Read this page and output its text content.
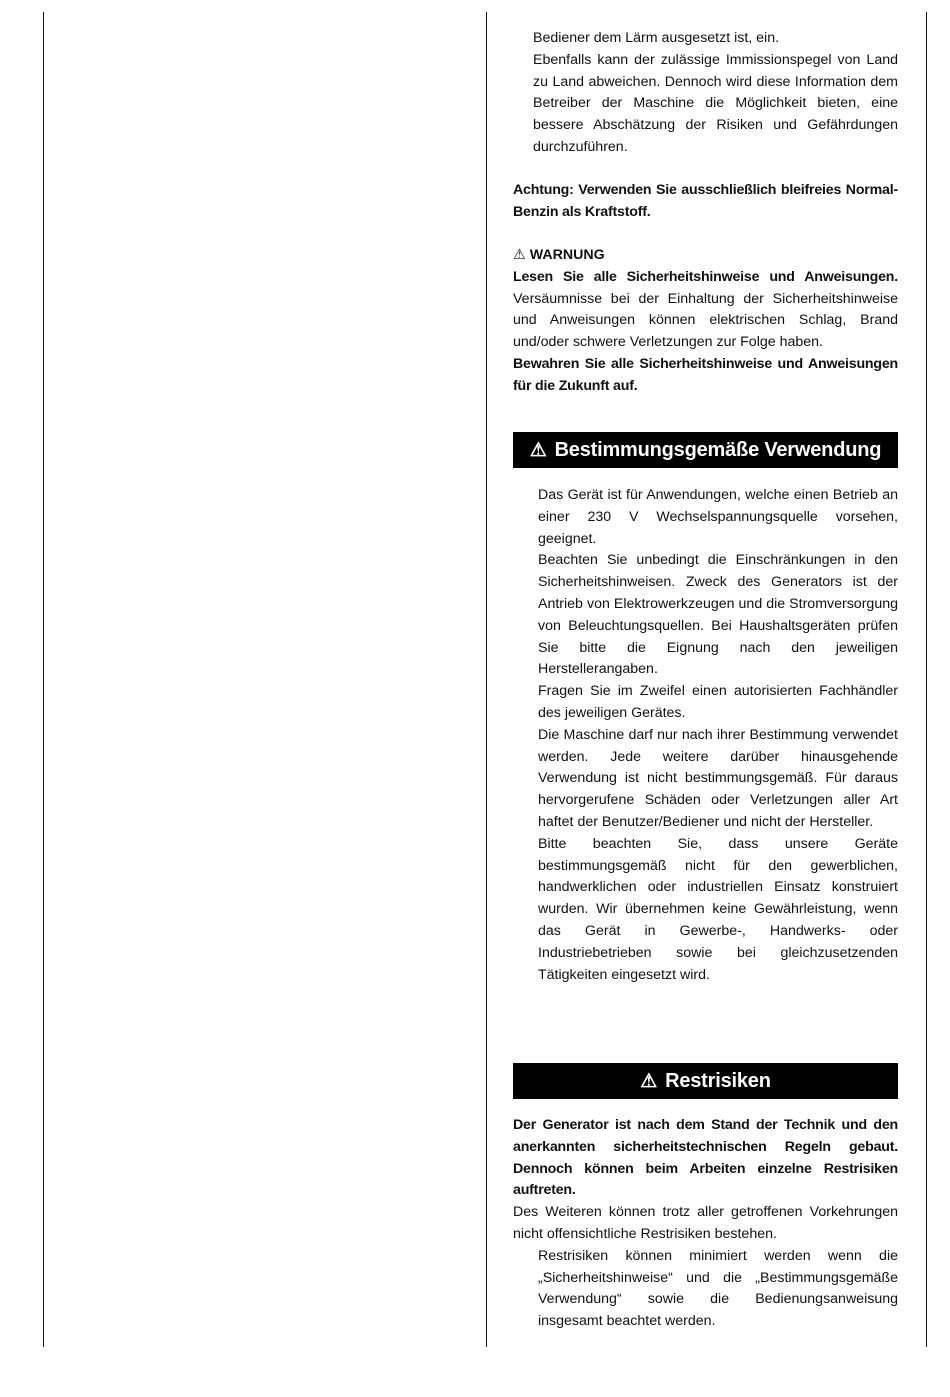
Bediener dem Lärm ausgesetzt ist, ein.

Ebenfalls kann der zulässige Immissionspegel von Land zu Land abweichen. Dennoch wird diese Information dem Betreiber der Maschine die Möglichkeit bieten, eine bessere Abschätzung der Risiken und Gefährdungen durchzuführen.

Achtung: Verwenden Sie ausschließlich bleifreies Normal-Benzin als Kraftstoff.

⚠ WARNUNG

Lesen Sie alle Sicherheitshinweise und Anweisungen. Versäumnisse bei der Einhaltung der Sicherheitshinweise und Anweisungen können elektrischen Schlag, Brand und/oder schwere Verletzungen zur Folge haben.

Bewahren Sie alle Sicherheitshinweise und Anweisungen für die Zukunft auf.

⚠ Bestimmungsgemäße Verwendung

Das Gerät ist für Anwendungen, welche einen Betrieb an einer 230 V Wechselspannungsquelle vorsehen, geeignet.

Beachten Sie unbedingt die Einschränkungen in den Sicherheitshinweisen. Zweck des Generators ist der Antrieb von Elektrowerkzeugen und die Stromversorgung von Beleuchtungsquellen. Bei Haushaltsgeräten prüfen Sie bitte die Eignung nach den jeweiligen Herstellerangaben.

Fragen Sie im Zweifel einen autorisierten Fachhändler des jeweiligen Gerätes.

Die Maschine darf nur nach ihrer Bestimmung verwendet werden. Jede weitere darüber hinausgehende Verwendung ist nicht bestimmungsgemäß. Für daraus hervorgerufene Schäden oder Verletzungen aller Art haftet der Benutzer/Bediener und nicht der Hersteller.

Bitte beachten Sie, dass unsere Geräte bestimmungsgemäß nicht für den gewerblichen, handwerklichen oder industriellen Einsatz konstruiert wurden. Wir übernehmen keine Gewährleistung, wenn das Gerät in Gewerbe-, Handwerks- oder Industriebetrieben sowie bei gleichzusetzenden Tätigkeiten eingesetzt wird.

⚠ Restrisiken

Der Generator ist nach dem Stand der Technik und den anerkannten sicherheitstechnischen Regeln gebaut. Dennoch können beim Arbeiten einzelne Restrisiken auftreten.

Des Weiteren können trotz aller getroffenen Vorkehrungen nicht offensichtliche Restrisiken bestehen.

Restrisiken können minimiert werden wenn die „Sicherheitshinweise“ und die „Bestimmungsgemäße Verwendung“ sowie die Bedienungsanweisung insgesamt beachtet werden.
